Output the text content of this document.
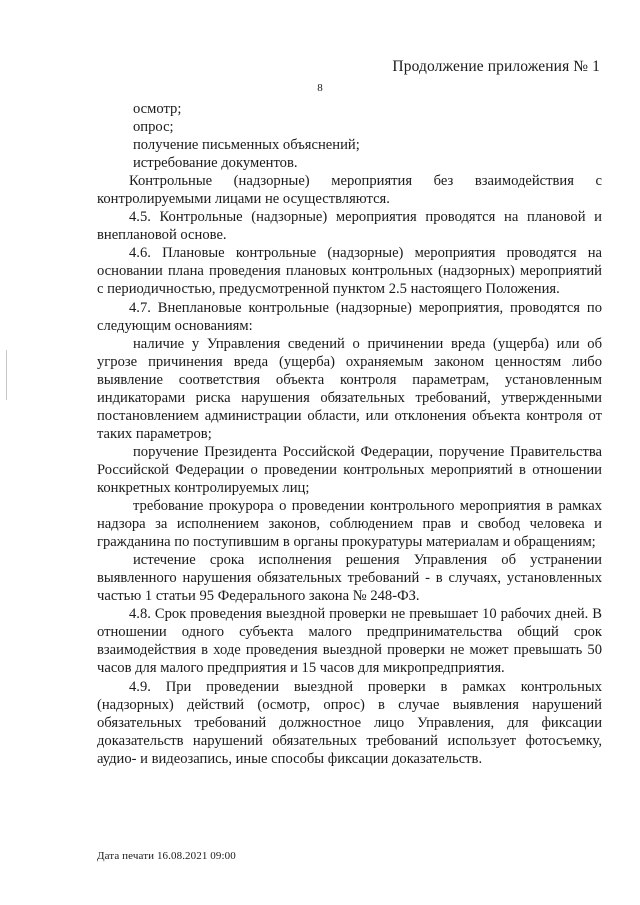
Продолжение приложения № 1
8

осмотр;

опрос;

получение письменных объяснений;

истребование документов.

Контрольные (надзорные) мероприятия без взаимодействия с контролируемыми лицами не осуществляются.

4.5. Контрольные (надзорные) мероприятия проводятся на плановой и внеплановой основе.

4.6. Плановые контрольные (надзорные) мероприятия проводятся на основании плана проведения плановых контрольных (надзорных) мероприятий с периодичностью, предусмотренной пунктом 2.5 настоящего Положения.

4.7. Внеплановые контрольные (надзорные) мероприятия, проводятся по следующим основаниям:

наличие у Управления сведений о причинении вреда (ущерба) или об угрозе причинения вреда (ущерба) охраняемым законом ценностям либо выявление соответствия объекта контроля параметрам, установленным индикаторами риска нарушения обязательных требований, утвержденными постановлением администрации области, или отклонения объекта контроля от таких параметров;

поручение Президента Российской Федерации, поручение Правительства Российской Федерации о проведении контрольных мероприятий в отношении конкретных контролируемых лиц;

требование прокурора о проведении контрольного мероприятия в рамках надзора за исполнением законов, соблюдением прав и свобод человека и гражданина по поступившим в органы прокуратуры материалам и обращениям;

истечение срока исполнения решения Управления об устранении выявленного нарушения обязательных требований - в случаях, установленных частью 1 статьи 95 Федерального закона № 248-ФЗ.

4.8. Срок проведения выездной проверки не превышает 10 рабочих дней. В отношении одного субъекта малого предпринимательства общий срок взаимодействия в ходе проведения выездной проверки не может превышать 50 часов для малого предприятия и 15 часов для микропредприятия.

4.9. При проведении выездной проверки в рамках контрольных (надзорных) действий (осмотр, опрос) в случае выявления нарушений обязательных требований должностное лицо Управления, для фиксации доказательств нарушений обязательных требований использует фотосъемку, аудио- и видеозапись, иные способы фиксации доказательств.

Дата печати 16.08.2021 09:00
